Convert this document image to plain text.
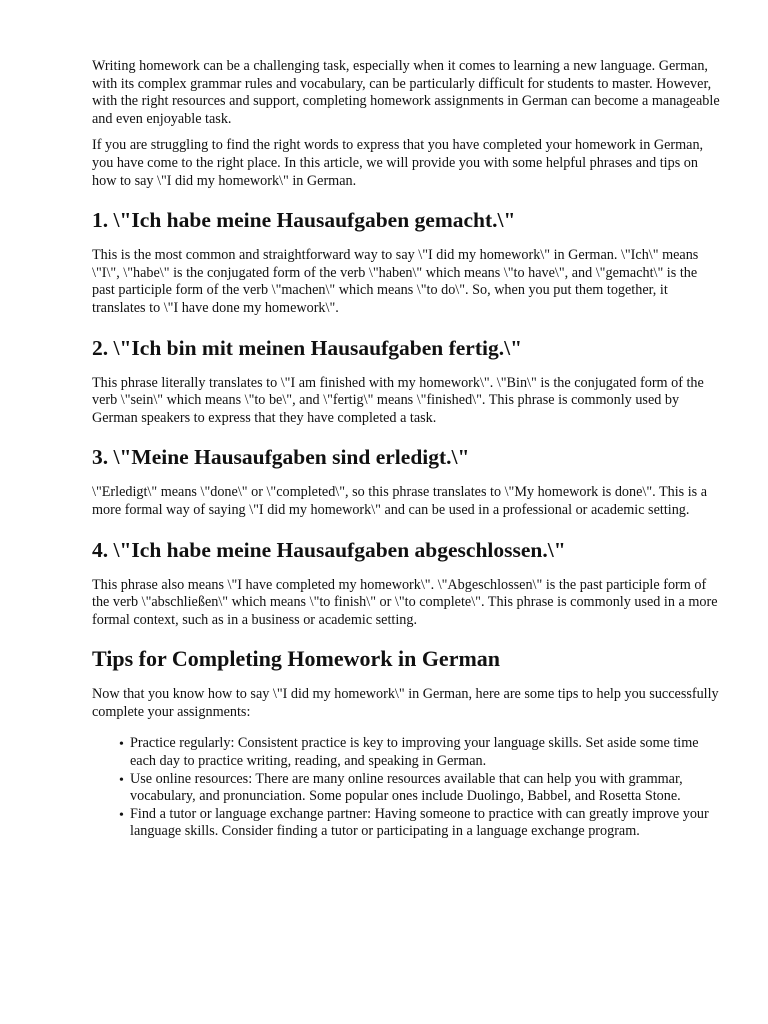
Writing homework can be a challenging task, especially when it comes to learning a new language. German, with its complex grammar rules and vocabulary, can be particularly difficult for students to master. However, with the right resources and support, completing homework assignments in German can become a manageable and even enjoyable task.

If you are struggling to find the right words to express that you have completed your homework in German, you have come to the right place. In this article, we will provide you with some helpful phrases and tips on how to say \"I did my homework\" in German.

1. \"Ich habe meine Hausaufgaben gemacht.\"

This is the most common and straightforward way to say \"I did my homework\" in German. \"Ich\" means \"I\", \"habe\" is the conjugated form of the verb \"haben\" which means \"to have\", and \"gemacht\" is the past participle form of the verb \"machen\" which means \"to do\". So, when you put them together, it translates to \"I have done my homework\".

2. \"Ich bin mit meinen Hausaufgaben fertig.\"

This phrase literally translates to \"I am finished with my homework\". \"Bin\" is the conjugated form of the verb \"sein\" which means \"to be\", and \"fertig\" means \"finished\". This phrase is commonly used by German speakers to express that they have completed a task.

3. \"Meine Hausaufgaben sind erledigt.\"

\"Erledigt\" means \"done\" or \"completed\", so this phrase translates to \"My homework is done\". This is a more formal way of saying \"I did my homework\" and can be used in a professional or academic setting.

4. \"Ich habe meine Hausaufgaben abgeschlossen.\"

This phrase also means \"I have completed my homework\". \"Abgeschlossen\" is the past participle form of the verb \"abschließen\" which means \"to finish\" or \"to complete\". This phrase is commonly used in a more formal context, such as in a business or academic setting.

Tips for Completing Homework in German

Now that you know how to say \"I did my homework\" in German, here are some tips to help you successfully complete your assignments:

• Practice regularly: Consistent practice is key to improving your language skills. Set aside some time each day to practice writing, reading, and speaking in German.
• Use online resources: There are many online resources available that can help you with grammar, vocabulary, and pronunciation. Some popular ones include Duolingo, Babbel, and Rosetta Stone.
• Find a tutor or language exchange partner: Having someone to practice with can greatly improve your language skills. Consider finding a tutor or participating in a language exchange program.
